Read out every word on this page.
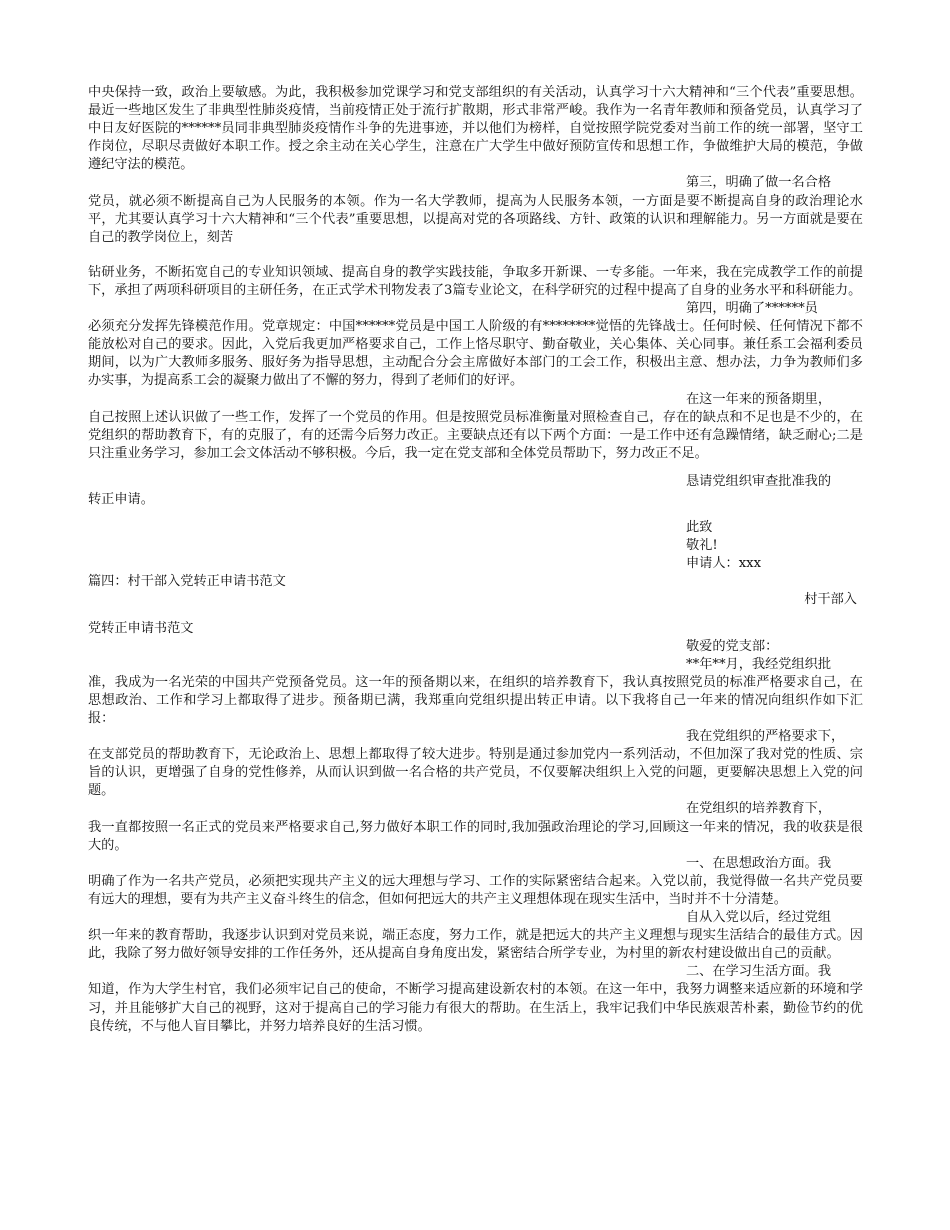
中央保持一致，政治上要敏感。为此，我积极参加党课学习和党支部组织的有关活动，认真学习十六大精神和“三个代表”重要思想。最近一些地区发生了非典型性肺炎疫情，当前疫情正处于流行扩散期，形式非常严峻。我作为一名青年教师和预备党员，认真学习了中日友好医院的******员同非典型肺炎疫情作斗争的先进事迹，并以他们为榜样，自觉按照学院党委对当前工作的统一部署，坚守工作岗位，尽职尽责做好本职工作。授之余主动在关心学生，注意在广大学生中做好预防宣传和思想工作，争做维护大局的模范，争做遵纪守法的模范。

第三，明确了做一名合格
党员，就必须不断提高自己为人民服务的本领。作为一名大学教师，提高为人民服务本领，一方面是要不断提高自身的政治理论水平，尤其要认真学习十六大精神和“三个代表”重要思想，以提高对党的各项路线、方针、政策的认识和理解能力。另一方面就是要在自己的教学岗位上，刻苦

钻研业务，不断拓宽自己的专业知识领域、提高自身的教学实践技能，争取多开新课、一专多能。一年来，我在完成教学工作的前提下，承担了两项科研项目的主研任务，在正式学术刊物发表了3篇专业论文，在科学研究的过程中提高了自身的业务水平和科研能力。

第四，明确了******员
必须充分发挥先锋模范作用。党章规定：中国******党员是中国工人阶级的有********觉悟的先锋战士。任何时候、任何情况下都不能放松对自己的要求。因此，入党后我更加严格要求自己，工作上恪尽职守、勤奋敬业，关心集体、关心同事。兼任系工会福利委员期间，以为广大教师多服务、服好务为指导思想，主动配合分会主席做好本部门的工会工作，积极出主意、想办法，力争为教师们多办实事，为提高系工会的凝聚力做出了不懈的努力，得到了老师们的好评。

在这一年来的预备期里，
自己按照上述认识做了一些工作，发挥了一个党员的作用。但是按照党员标准衡量对照检查自己，存在的缺点和不足也是不少的，在党组织的帮助教育下，有的克服了，有的还需今后努力改正。主要缺点还有以下两个方面：一是工作中还有急躁情绪，缺乏耐心;二是只注重业务学习，参加工会文体活动不够积极。今后，我一定在党支部和全体党员帮助下，努力改正不足。

恳请党组织审查批准我的
转正申请。

此致

敬礼!

申请人：xxx

篇四：村干部入党转正申请书范文

村干部入

党转正申请书范文

敬爱的党支部：

**年**月，我经党组织批
准，我成为一名光荣的中国共产党预备党员。这一年的预备期以来，在组织的培养教育下，我认真按照党员的标准严格要求自己，在思想政治、工作和学习上都取得了进步。预备期已满，我郑重向党组织提出转正申请。以下我将自己一年来的情况向组织作如下汇报：

我在党组织的严格要求下，
在支部党员的帮助教育下，无论政治上、思想上都取得了较大进步。特别是通过参加党内一系列活动，不但加深了我对党的性质、宗旨的认识，更增强了自身的党性修养，从而认识到做一名合格的共产党员，不仅要解决组织上入党的问题，更要解决思想上入党的问题。

在党组织的培养教育下，
我一直都按照一名正式的党员来严格要求自己,努力做好本职工作的同时,我加强政治理论的学习,回顾这一年来的情况，我的收获是很大的。

一、在思想政治方面。我
明确了作为一名共产党员，必须把实现共产主义的远大理想与学习、工作的实际紧密结合起来。入党以前，我觉得做一名共产党员要有远大的理想，要有为共产主义奋斗终生的信念，但如何把远大的共产主义理想体现在现实生活中，当时并不十分清楚。

自从入党以后，经过党组
织一年来的教育帮助，我逐步认识到对党员来说，端正态度，努力工作，就是把远大的共产主义理想与现实生活结合的最佳方式。因此，我除了努力做好领导安排的工作任务外，还从提高自身角度出发，紧密结合所学专业，为村里的新农村建设做出自己的贡献。

二、在学习生活方面。我
知道，作为大学生村官，我们必须牢记自己的使命，不断学习提高建设新农村的本领。在这一年中，我努力调整来适应新的环境和学习，并且能够扩大自己的视野，这对于提高自己的学习能力有很大的帮助。在生活上，我牢记我们中华民族艰苦朴素，勤俭节约的优良传统，不与他人盲目攀比，并努力培养良好的生活习惯。
